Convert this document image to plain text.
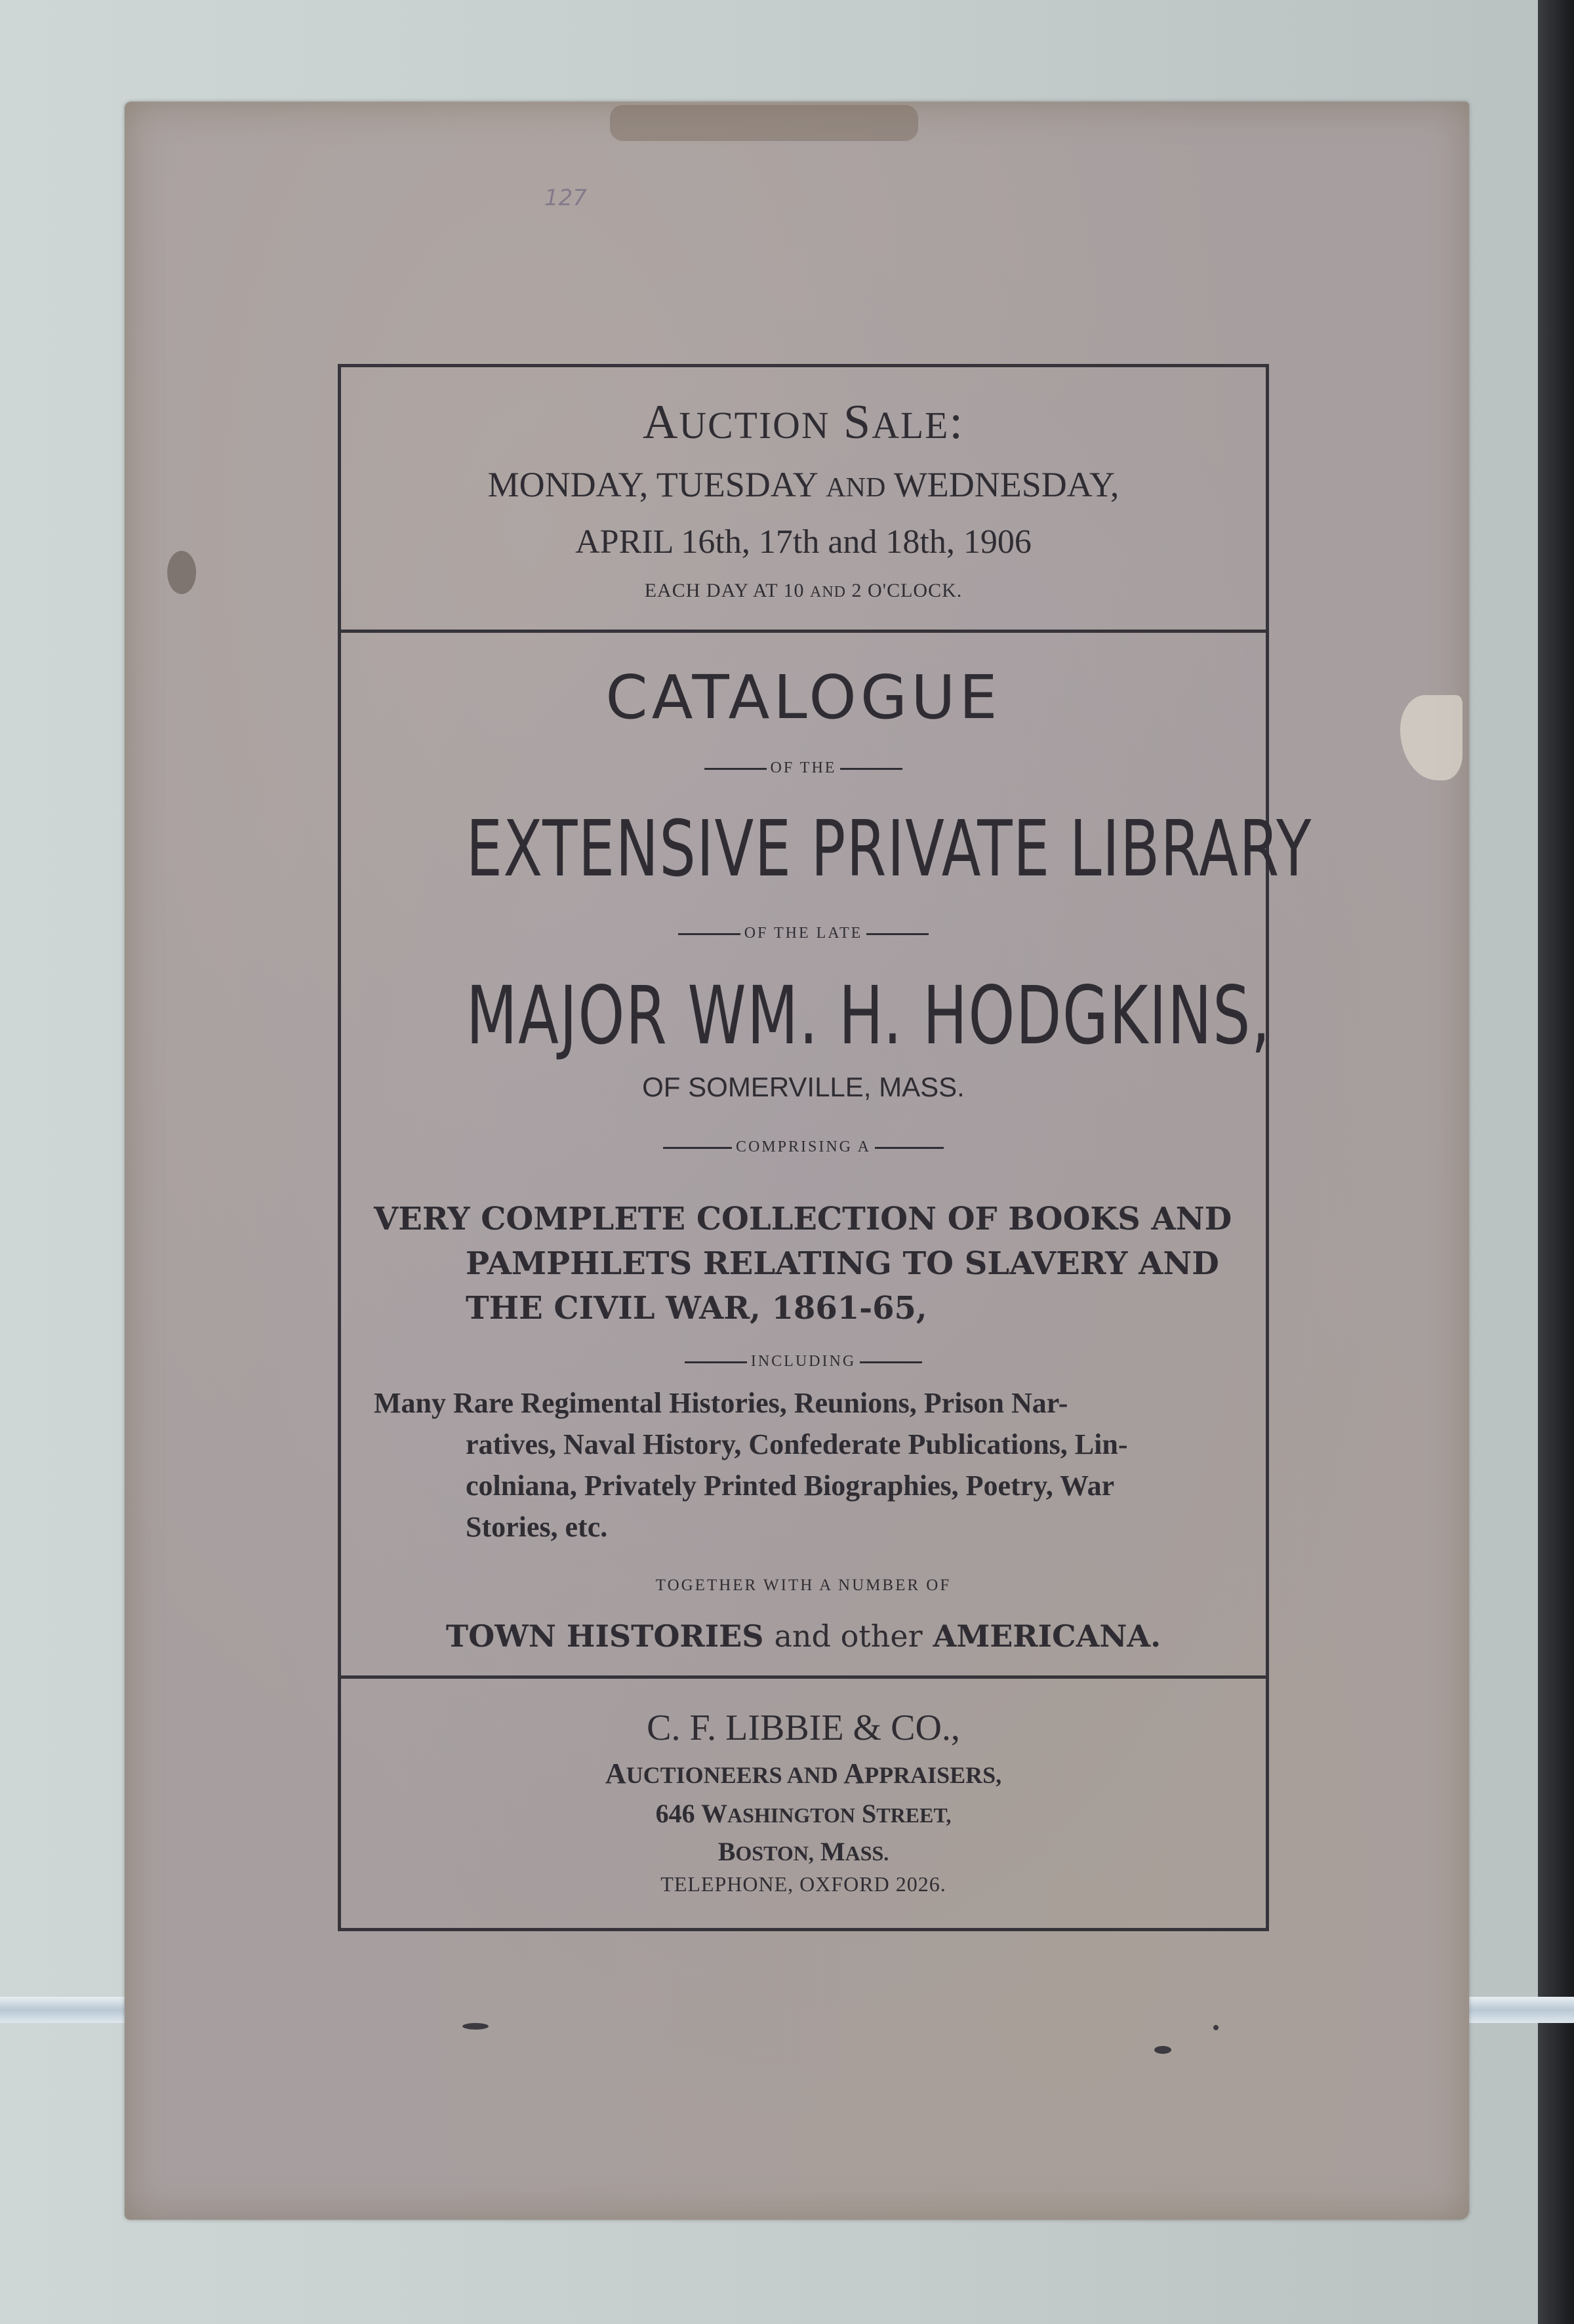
127
AUCTION SALE:
MONDAY, TUESDAY AND WEDNESDAY,
APRIL 16th, 17th and 18th, 1906
EACH DAY AT 10 AND 2 O'CLOCK.
CATALOGUE
OF THE
EXTENSIVE PRIVATE LIBRARY
OF THE LATE
MAJOR WM. H. HODGKINS,
OF SOMERVILLE, MASS.
COMPRISING A
VERY COMPLETE COLLECTION OF BOOKS AND
PAMPHLETS RELATING TO SLAVERY AND
THE CIVIL WAR, 1861-65,
INCLUDING
Many Rare Regimental Histories, Reunions, Prison Nar-
ratives, Naval History, Confederate Publications, Lin-
colniana, Privately Printed Biographies, Poetry, War
Stories, etc.
TOGETHER WITH A NUMBER OF
TOWN HISTORIES and other AMERICANA.
C. F. LIBBIE & CO.,
AUCTIONEERS AND APPRAISERS,
646 WASHINGTON STREET,
BOSTON, MASS.
TELEPHONE, OXFORD 2026.
